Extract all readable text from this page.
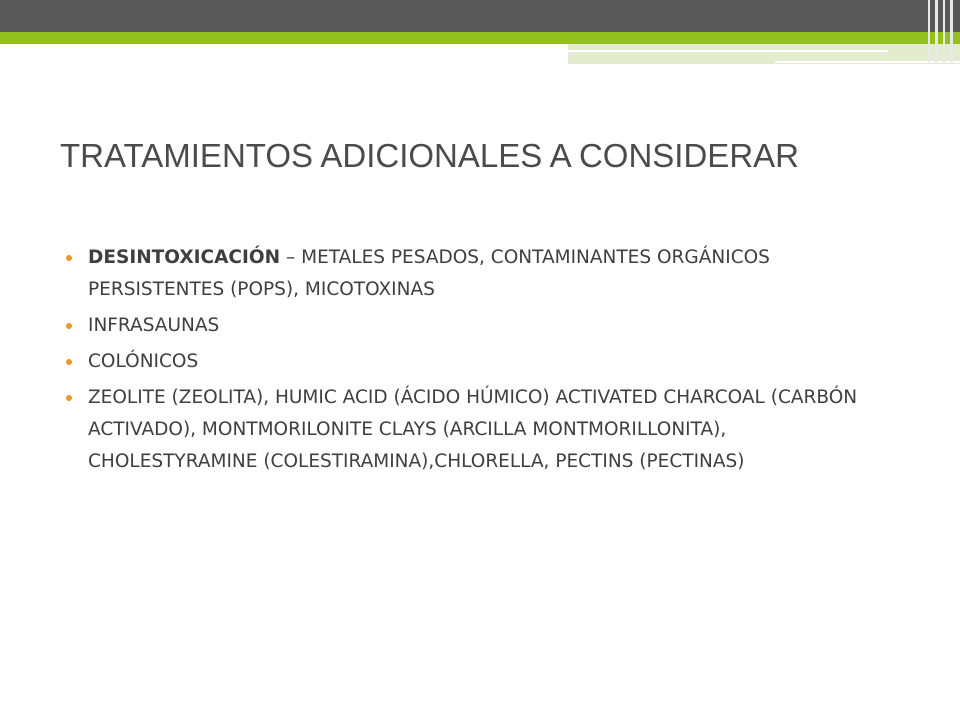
TRATAMIENTOS ADICIONALES A CONSIDERAR
DESINTOXICACIÓN – METALES PESADOS, CONTAMINANTES ORGÁNICOS PERSISTENTES (POPS), MICOTOXINAS
INFRASAUNAS
COLÓNICOS
ZEOLITE (ZEOLITA), HUMIC ACID (ÁCIDO HÚMICO) ACTIVATED CHARCOAL (CARBÓN ACTIVADO), MONTMORILONITE CLAYS (ARCILLA MONTMORILLONITA), CHOLESTYRAMINE (COLESTIRAMINA),CHLORELLA, PECTINS (PECTINAS)
